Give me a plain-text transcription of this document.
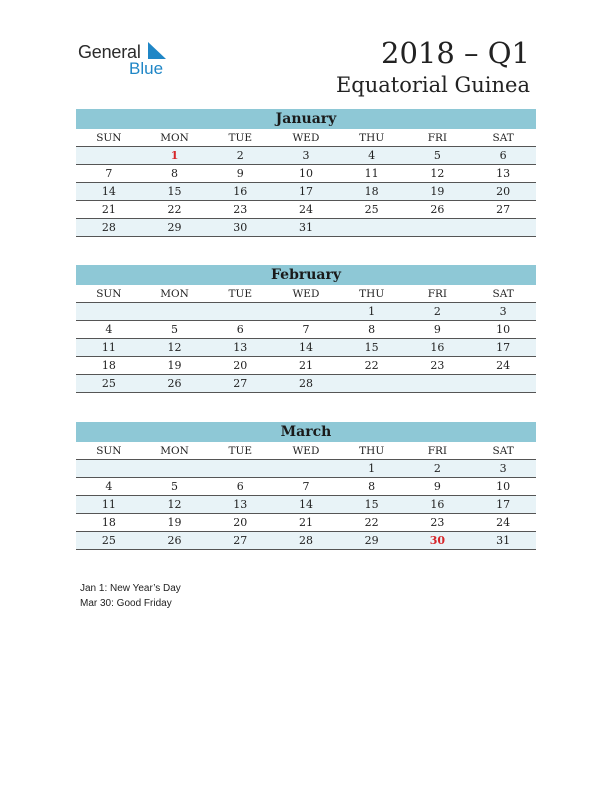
General
Blue	2018 – Q1
Equatorial Guinea
January
SUN	MON	TUE	WED	THU	FRI	SAT
	1	2	3	4	5	6
7	8	9	10	11	12	13
14	15	16	17	18	19	20
21	22	23	24	25	26	27
28	29	30	31			
February
SUN	MON	TUE	WED	THU	FRI	SAT
				1	2	3
4	5	6	7	8	9	10
11	12	13	14	15	16	17
18	19	20	21	22	23	24
25	26	27	28			
March
SUN	MON	TUE	WED	THU	FRI	SAT
				1	2	3
4	5	6	7	8	9	10
11	12	13	14	15	16	17
18	19	20	21	22	23	24
25	26	27	28	29	30	31
Jan 1: New Year’s Day
Mar 30: Good Friday
